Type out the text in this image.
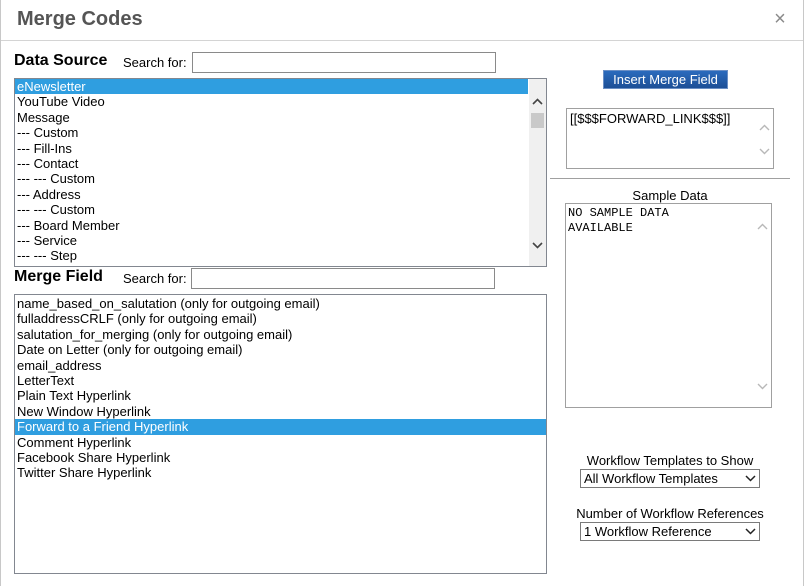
Merge Codes	×
Data Source Search for:
eNewsletter
YouTube Video
Message
--- Custom
--- Fill-Ins
--- Contact
--- --- Custom
--- Address
--- --- Custom
--- Board Member
--- Service
--- --- Step
Merge Field Search for:
name_based_on_salutation (only for outgoing email)
fulladdressCRLF (only for outgoing email)
salutation_for_merging (only for outgoing email)
Date on Letter (only for outgoing email)
email_address
LetterText
Plain Text Hyperlink
New Window Hyperlink
Forward to a Friend Hyperlink
Comment Hyperlink
Facebook Share Hyperlink
Twitter Share Hyperlink
Insert Merge Field
[[$$$FORWARD_LINK$$$]]
Sample Data
NO SAMPLE DATA
AVAILABLE
Workflow Templates to Show
All Workflow Templates
Number of Workflow References
1 Workflow Reference
